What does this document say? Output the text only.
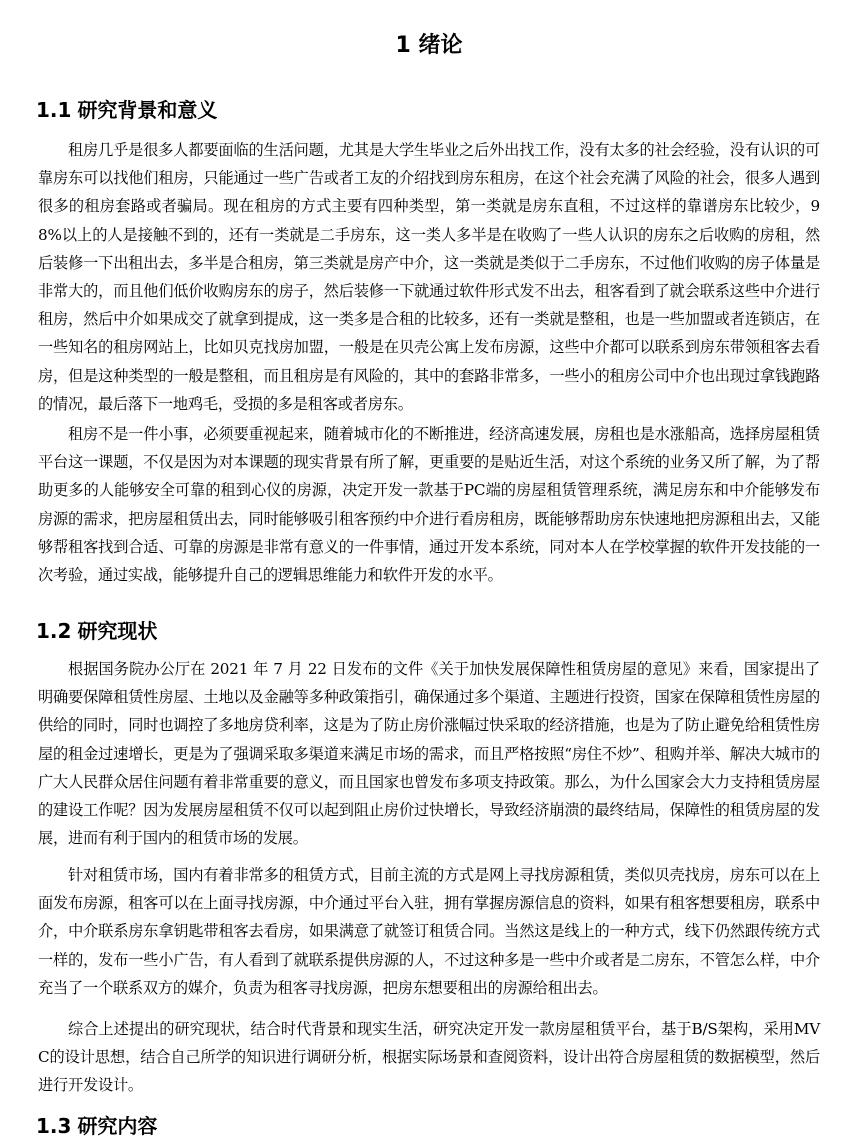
1 绪论
1.1 研究背景和意义

租房几乎是很多人都要面临的生活问题，尤其是大学生毕业之后外出找工作，没有太多的社会经验，没有认识的可靠房东可以找他们租房，只能通过一些广告或者工友的介绍找到房东租房，在这个社会充满了风险的社会，很多人遇到很多的租房套路或者骗局。现在租房的方式主要有四种类型，第一类就是房东直租，不过这样的靠谱房东比较少，98%以上的人是接触不到的，还有一类就是二手房东，这一类人多半是在收购了一些人认识的房东之后收购的房租，然后装修一下出租出去，多半是合租房，第三类就是房产中介，这一类就是类似于二手房东，不过他们收购的房子体量是非常大的，而且他们低价收购房东的房子，然后装修一下就通过软件形式发不出去，租客看到了就会联系这些中介进行租房，然后中介如果成交了就拿到提成，这一类多是合租的比较多，还有一类就是整租，也是一些加盟或者连锁店，在一些知名的租房网站上，比如贝克找房加盟，一般是在贝壳公寓上发布房源，这些中介都可以联系到房东带领租客去看房，但是这种类型的一般是整租，而且租房是有风险的，其中的套路非常多，一些小的租房公司中介也出现过拿钱跑路的情况，最后落下一地鸡毛，受损的多是租客或者房东。

租房不是一件小事，必须要重视起来，随着城市化的不断推进，经济高速发展，房租也是水涨船高，选择房屋租赁平台这一课题，不仅是因为对本课题的现实背景有所了解，更重要的是贴近生活，对这个系统的业务又所了解，为了帮助更多的人能够安全可靠的租到心仪的房源，决定开发一款基于PC端的房屋租赁管理系统，满足房东和中介能够发布房源的需求，把房屋租赁出去，同时能够吸引租客预约中介进行看房租房，既能够帮助房东快速地把房源租出去，又能够帮租客找到合适、可靠的房源是非常有意义的一件事情，通过开发本系统，同对本人在学校掌握的软件开发技能的一次考验，通过实战，能够提升自己的逻辑思维能力和软件开发的水平。

1.2 研究现状

根据国务院办公厅在 2021 年 7 月 22 日发布的文件《关于加快发展保障性租赁房屋的意见》来看，国家提出了明确要保障租赁性房屋、土地以及金融等多种政策指引，确保通过多个渠道、主题进行投资，国家在保障租赁性房屋的供给的同时，同时也调控了多地房贷利率，这是为了防止房价涨幅过快采取的经济措施，也是为了防止避免给租赁性房屋的租金过速增长，更是为了强调采取多渠道来满足市场的需求，而且严格按照“房住不炒”、租购并举、解决大城市的广大人民群众居住问题有着非常重要的意义，而且国家也曾发布多项支持政策。那么，为什么国家会大力支持租赁房屋的建设工作呢？因为发展房屋租赁不仅可以起到阻止房价过快增长，导致经济崩溃的最终结局，保障性的租赁房屋的发展，进而有利于国内的租赁市场的发展。

针对租赁市场，国内有着非常多的租赁方式，目前主流的方式是网上寻找房源租赁，类似贝壳找房，房东可以在上面发布房源，租客可以在上面寻找房源，中介通过平台入驻，拥有掌握房源信息的资料，如果有租客想要租房，联系中介，中介联系房东拿钥匙带租客去看房，如果满意了就签订租赁合同。当然这是线上的一种方式，线下仍然跟传统方式一样的，发布一些小广告，有人看到了就联系提供房源的人，不过这种多是一些中介或者是二房东，不管怎么样，中介充当了一个联系双方的媒介，负责为租客寻找房源，把房东想要租出的房源给租出去。

综合上述提出的研究现状，结合时代背景和现实生活，研究决定开发一款房屋租赁平台，基于B/S架构，采用MVC的设计思想，结合自己所学的知识进行调研分析，根据实际场景和查阅资料，设计出符合房屋租赁的数据模型，然后进行开发设计。

1.3 研究内容
